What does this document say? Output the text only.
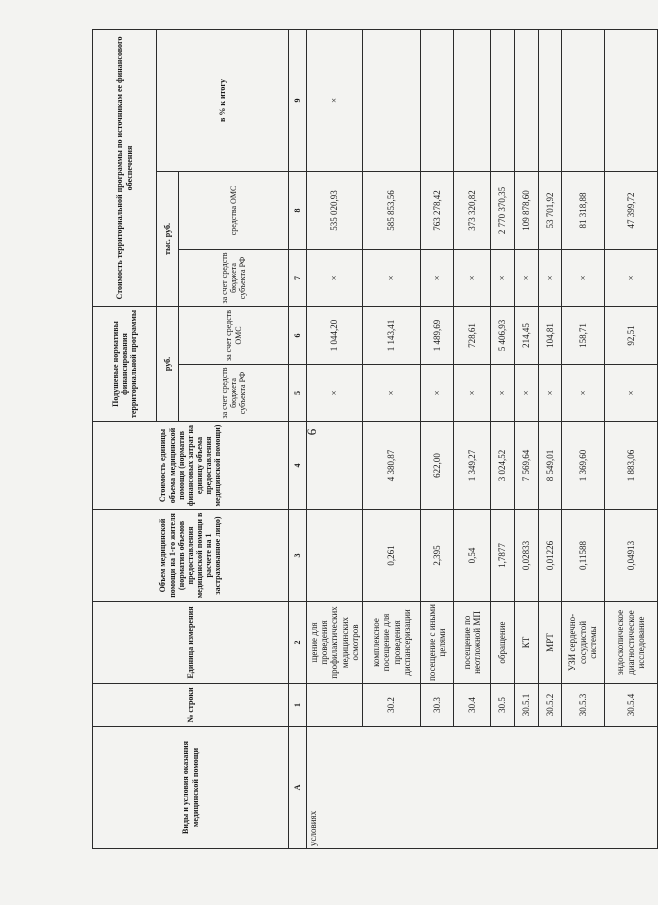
9
Виды и условия оказания медицинской помощи	№ строки	Единица измерения	Объем медицинской помощи на 1-го жителя (норматив объемов предоставления медицинской помощи в расчете на 1 застрахованное лицо)	Стоимость единицы объема медицинской помощи (норматив финансовых затрат на единицу объема предоставления медицинской помощи)	Подушевые нормативы финансирования территориальной программы		Стоимость территориальной программы по источникам ее финансового обеспечения		
					руб.		тыс. руб.		в % к итогу
					за счет средств бюджета субъекта РФ	за счет средств ОМС	за счет средств бюджета субъекта РФ	средства ОМС	
А	1	2	3	4	5	6	7	8	9
условиях		щение для проведения профилактических медицинских осмотров			×	1 044,20	×	535 020,93	×
	30.2	комплексное посещение для проведения диспансеризации	0,261	4 380,87	×	1 143,41	×	585 853,56	
	30.3	посещение с иными целями	2,395	622,00	×	1 489,69	×	763 278,42	
	30.4	посещение по неотложной МП	0,54	1 349,27	×	728,61	×	373 320,82	
	30.5	обращение	1,7877	3 024,52	×	5 406,93	×	2 770 370,35	
	30.5.1	КТ	0,02833	7 569,64	×	214,45	×	109 878,60	
	30.5.2	МРТ	0,01226	8 549,01	×	104,81	×	53 701,92	
	30.5.3	УЗИ сердечно-сосудистой системы	0,11588	1 369,60	×	158,71	×	81 318,88	
	30.5.4	эндоскопическое диагностическое исследование	0,04913	1 883,06	×	92,51	×	47 399,72	
